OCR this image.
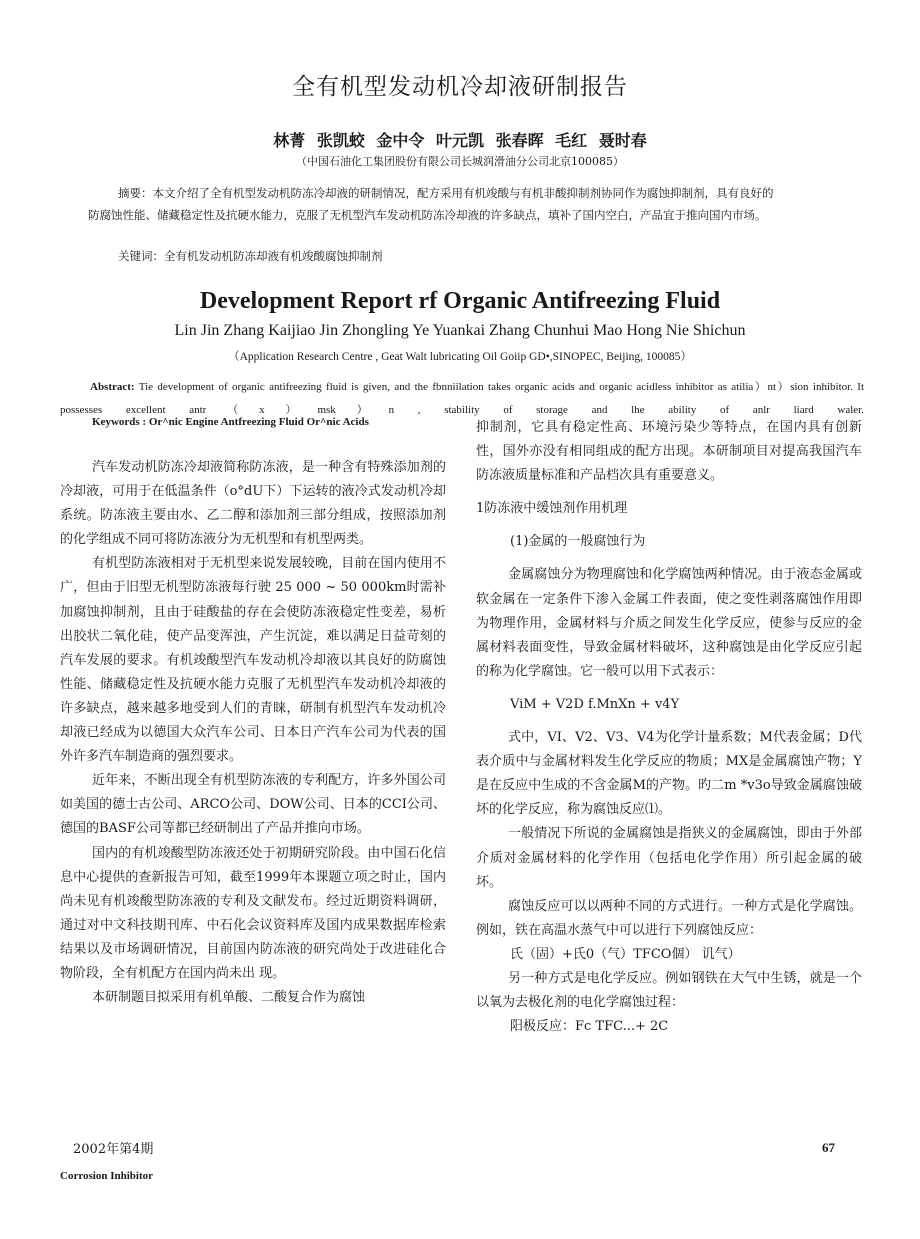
全有机型发动机冷却液研制报告
林菁 张凯蛟 金中令 叶元凯 张春晖 毛红 聂时春
（中国石油化工集团股份有限公司长城润滑油分公司北京100085）

摘要：本文介绍了全有机型发动机防冻冷却液的研制情况，配方采用有机竣酸与有机非酸抑制剂协同作为腐蚀抑制剂，具有良好的防腐蚀性能、储藏稳定性及抗硬水能力，克服了无机型汽车发动机防冻冷却液的许多缺点，填补了国内空白，产品宜于推向国内市场。

关键词：全有机发动机防冻却液有机竣酸腐蚀抑制剂
Development Report rf Organic Antifreezing Fluid
Lin Jin Zhang Kaijiao Jin Zhongling Ye Yuankai Zhang Chunhui Mao Hong Nie Shichun
（Application Research Centre , Geat Walt lubricating Oil Goiip GD•,SINOPEC, Beijing, 100085）

Abstract: Tie development of organic antifreezing fluid is given, and the fbnniilation takes organic acids and organic acidless inhibitor as atilia）nt）sion inhibitor. It possesses excellent antr（x）msk）n , stability of storage and lhe ability of anlr liard waler.

Keywords : Or^nic Engine Antfreezing Fluid Or^nic Acids

汽车发动机防冻冷却液简称防冻液，是一种含有特殊添加剂的冷却液，可用于在低温条件（o°dU下）下运转的液冷式发动机冷却系统。防冻液主要由水、乙二醇和添加剂三部分组成，按照添加剂的化学组成不同可将防冻液分为无机型和有机型两类。

有机型防冻液相对于无机型来说发展较晚，目前在国内使用不广，但由于旧型无机型防冻液每行驶 25 000 ~ 50 000km时需补加腐蚀抑制剂，且由于硅酸盐的存在会使防冻液稳定性变差，易析出胶状二氧化硅，使产品变浑浊，产生沉淀，难以满足日益苛刻的汽车发展的要求。有机竣酸型汽车发动机冷却液以其良好的防腐蚀性能、储藏稳定性及抗硬水能力克服了无机型汽车发动机冷却液的许多缺点，越来越多地受到人们的青睐，研制有机型汽车发动机冷却液已经成为以德国大众汽车公司、日本日产汽车公司为代表的国外许多汽车制造商的强烈要求。

近年来，不断出现全有机型防冻液的专利配方，许多外国公司如美国的德士古公司、ARCO公司、DOW公司、日本的CCI公司、德国的BASF公司等都已经研制出了产品并推向市场。

国内的有机竣酸型防冻液还处于初期研究阶段。由中国石化信息中心提供的查新报告可知，截至1999年本课题立项之时止，国内尚未见有机竣酸型防冻液的专利及文献发布。经过近期资料调研，通过对中文科技期刊库、中石化会议资料库及国内成果数据库检索结果以及市场调研情况，目前国内防冻液的研究尚处于改进硅化合物阶段，全有机配方在国内尚未出 现。

本研制题目拟采用有机单酸、二酸复合作为腐蚀

抑制剂，它具有稳定性高、环境污染少等特点，在国内具有创新性，国外亦没有相同组成的配方出现。本研制项目对提高我国汽车防冻液质量标准和产品档次具有重要意义。

1防冻液中缓蚀剂作用机理

(1)金属的一般腐蚀行为

金属腐蚀分为物理腐蚀和化学腐蚀两种情况。由于液态金属或软金属在一定条件下渗入金属工件表面，使之变性剥落腐蚀作用即为物理作用，金属材料与介质之间发生化学反应，使参与反应的金属材料表面变性，导致金属材料破坏，这种腐蚀是由化学反应引起的称为化学腐蚀。它一般可以用下式表示：

ViM + V2D f.MnXn + v4Y

式中，VI、V2、V3、V4为化学计量系数；M代表金属；D代表介质中与金属材料发生化学反应的物质；MX是金属腐蚀产物；Y是在反应中生成的不含金属M的产物。旳二m *v3o导致金属腐蚀破坏的化学反应，称为腐蚀反应⑴。

一般情况下所说的金属腐蚀是指狭义的金属腐蚀，即由于外部介质对金属材料的化学作用（包括电化学作用）所引起金属的破坏。

腐蚀反应可以以两种不同的方式进行。一种方式是化学腐蚀。例如，铁在高温水蒸气中可以进行下列腐蚀反应：

氏（固）+氏0（气）TFCO個） 讥气）

另一种方式是电化学反应。例如钢铁在大气中生锈，就是一个以氧为去极化剂的电化学腐蚀过程：

阳极反应：Fc TFC...+ 2C

2002年第4期	67
Corrosion Inhibitor
